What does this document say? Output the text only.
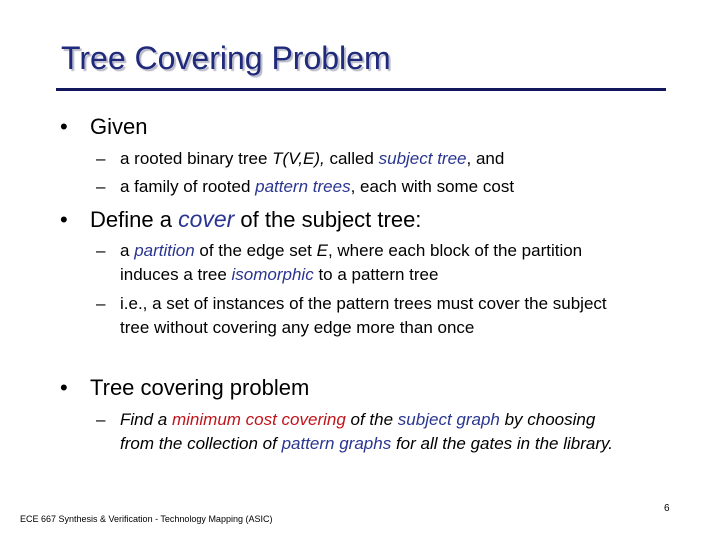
Tree Covering Problem
• Given
– a rooted binary tree T(V,E), called subject tree, and
– a family of rooted pattern trees, each with some cost
• Define a cover of the subject tree:
– a partition of the edge set E, where each block of the partition induces a tree isomorphic to a pattern tree
– i.e., a set of instances of the pattern trees must cover the subject tree without covering any edge more than once
• Tree covering problem
– Find a minimum cost covering of the subject graph by choosing from the collection of pattern graphs for all the gates in the library.
6
ECE 667 Synthesis & Verification - Technology Mapping (ASIC)
